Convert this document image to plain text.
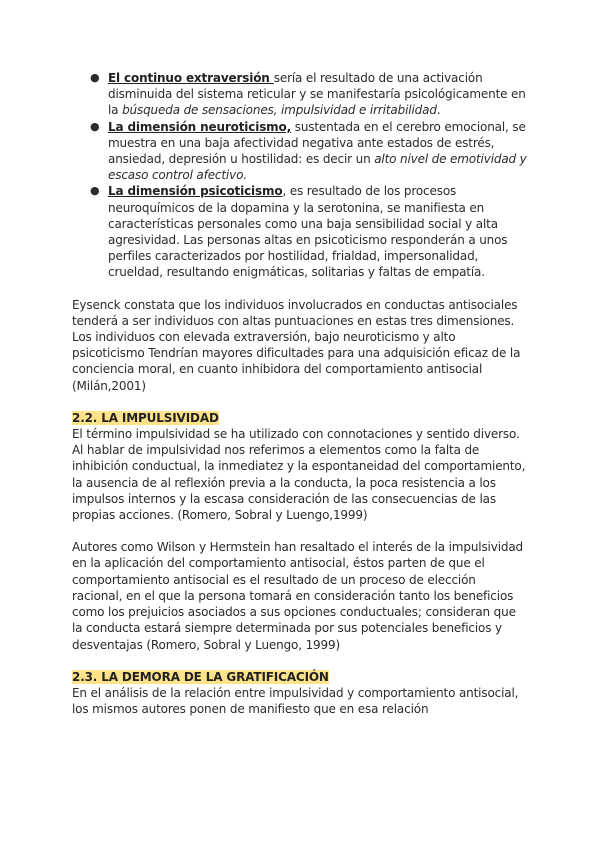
● El continuo extraversión sería el resultado de una activación disminuida del sistema reticular y se manifestaría psicológicamente en la búsqueda de sensaciones, impulsividad e irritabilidad.
● La dimensión neuroticismo, sustentada en el cerebro emocional, se muestra en una baja afectividad negativa ante estados de estrés, ansiedad, depresión u hostilidad: es decir un alto nivel de emotividad y escaso control afectivo.
● La dimensión psicoticismo, es resultado de los procesos neuroquímicos de la dopamina y la serotonina, se manifiesta en características personales como una baja sensibilidad social y alta agresividad. Las personas altas en psicoticismo responderán a unos perfiles caracterizados por hostilidad, frialdad, impersonalidad, crueldad, resultando enigmáticas, solitarias y faltas de empatía.

Eysenck constata que los individuos involucrados en conductas antisociales tenderá a ser individuos con altas puntuaciones en estas tres dimensiones. Los individuos con elevada extraversión, bajo neuroticismo y alto psicoticismo Tendrían mayores dificultades para una adquisición eficaz de la conciencia moral, en cuanto inhibidora del comportamiento antisocial (Milán,2001)

2.2. LA IMPULSIVIDAD

El término impulsividad se ha utilizado con connotaciones y sentido diverso. Al hablar de impulsividad nos referimos a elementos como la falta de inhibición conductual, la inmediatez y la espontaneidad del comportamiento, la ausencia de al reflexión previa a la conducta, la poca resistencia a los impulsos internos y la escasa consideración de las consecuencias de las propias acciones. (Romero, Sobral y Luengo,1999)

Autores como Wilson y Hermstein han resaltado el interés de la impulsividad en la aplicación del comportamiento antisocial, éstos parten de que el comportamiento antisocial es el resultado de un proceso de elección racional, en el que la persona tomará en consideración tanto los beneficios como los prejuicios asociados a sus opciones conductuales; consideran que la conducta estará siempre determinada por sus potenciales beneficios y desventajas (Romero, Sobral y Luengo, 1999)

2.3. LA DEMORA DE LA GRATIFICACIÓN

En el análisis de la relación entre impulsividad y comportamiento antisocial, los mismos autores ponen de manifiesto que en esa relación
